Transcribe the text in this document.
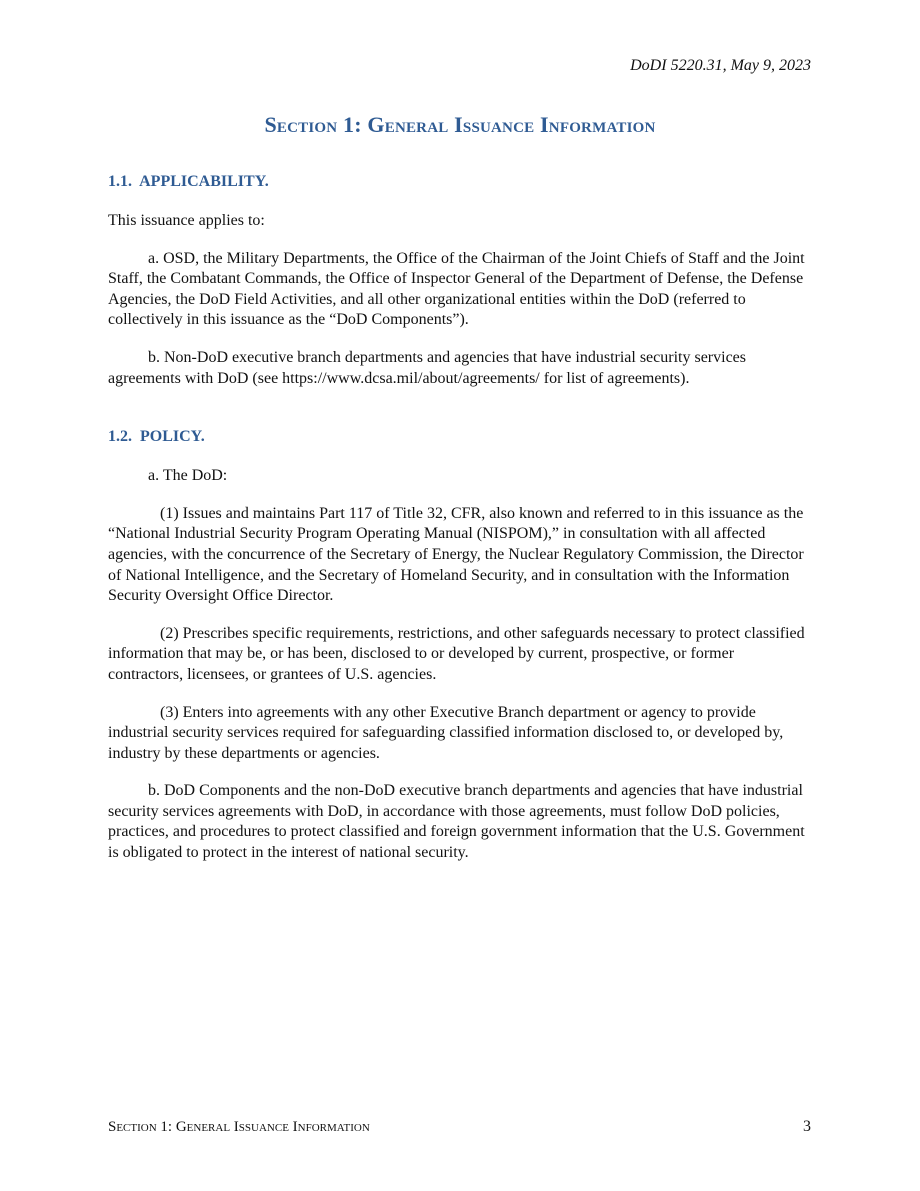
DoDI 5220.31, May 9, 2023
Section 1: General Issuance Information
1.1.  APPLICABILITY.

This issuance applies to:

a. OSD, the Military Departments, the Office of the Chairman of the Joint Chiefs of Staff and the Joint Staff, the Combatant Commands, the Office of Inspector General of the Department of Defense, the Defense Agencies, the DoD Field Activities, and all other organizational entities within the DoD (referred to collectively in this issuance as the “DoD Components”).

b. Non-DoD executive branch departments and agencies that have industrial security services agreements with DoD (see https://www.dcsa.mil/about/agreements/ for list of agreements).

1.2.  POLICY.

a. The DoD:

(1) Issues and maintains Part 117 of Title 32, CFR, also known and referred to in this issuance as the “National Industrial Security Program Operating Manual (NISPOM),” in consultation with all affected agencies, with the concurrence of the Secretary of Energy, the Nuclear Regulatory Commission, the Director of National Intelligence, and the Secretary of Homeland Security, and in consultation with the Information Security Oversight Office Director.

(2) Prescribes specific requirements, restrictions, and other safeguards necessary to protect classified information that may be, or has been, disclosed to or developed by current, prospective, or former contractors, licensees, or grantees of U.S. agencies.

(3) Enters into agreements with any other Executive Branch department or agency to provide industrial security services required for safeguarding classified information disclosed to, or developed by, industry by these departments or agencies.

b. DoD Components and the non-DoD executive branch departments and agencies that have industrial security services agreements with DoD, in accordance with those agreements, must follow DoD policies, practices, and procedures to protect classified and foreign government information that the U.S. Government is obligated to protect in the interest of national security.

Section 1: General Issuance Information	3
